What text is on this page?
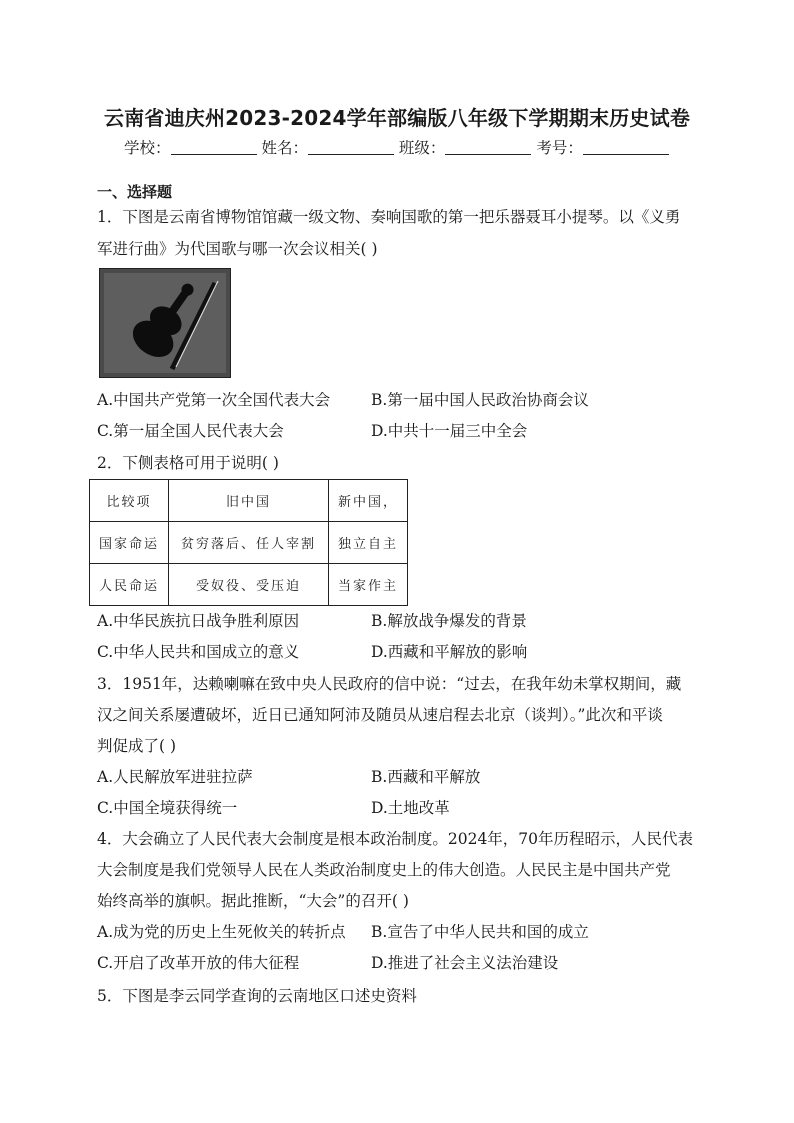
云南省迪庆州2023-2024学年部编版八年级下学期期末历史试卷
学校：	姓名：	班级：	考号：
一、选择题
1．下图是云南省博物馆馆藏一级文物、奏响国歌的第一把乐器聂耳小提琴。以《义勇
军进行曲》为代国歌与哪一次会议相关( )
A.中国共产党第一次全国代表大会	B.第一届中国人民政治协商会议
C.第一届全国人民代表大会	D.中共十一届三中全会
2．下侧表格可用于说明( )
比较项	旧中国	新中国，
国家命运	贫穷落后、任人宰割	独立自主
人民命运	受奴役、受压迫	当家作主
A.中华民族抗日战争胜利原因	B.解放战争爆发的背景
C.中华人民共和国成立的意义	D.西藏和平解放的影响
3．1951年，达赖喇嘛在致中央人民政府的信中说：“过去，在我年幼未掌权期间，藏
汉之间关系屡遭破坏，近日已通知阿沛及随员从速启程去北京（谈判）。”此次和平谈
判促成了( )
A.人民解放军进驻拉萨	B.西藏和平解放
C.中国全境获得统一	D.土地改革
4．大会确立了人民代表大会制度是根本政治制度。2024年，70年历程昭示，人民代表
大会制度是我们党领导人民在人类政治制度史上的伟大创造。人民民主是中国共产党
始终高举的旗帜。据此推断，“大会”的召开( )
A.成为党的历史上生死攸关的转折点 B.宣告了中华人民共和国的成立
C.开启了改革开放的伟大征程	D.推进了社会主义法治建设
5．下图是李云同学查询的云南地区口述史资料
